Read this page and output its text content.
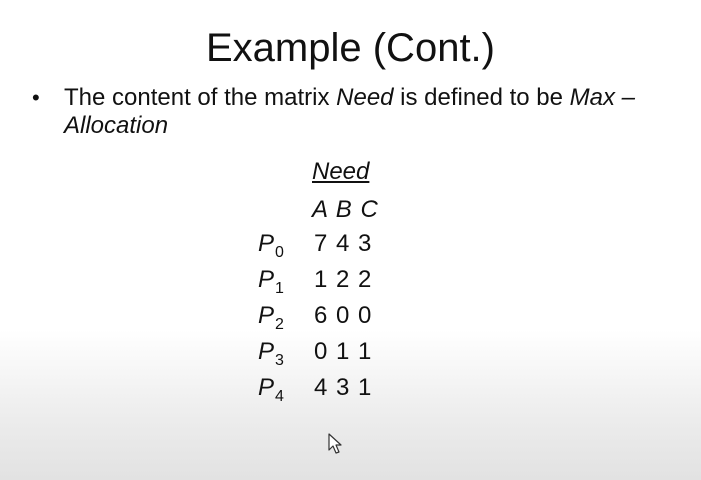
Example (Cont.)
• The content of the matrix Need is defined to be Max – Allocation
Need
A B C
$P_0$ 7 4 3
$P_1$ 1 2 2
$P_2$ 6 0 0
$P_3$ 0 1 1
$P_4$ 4 3 1
